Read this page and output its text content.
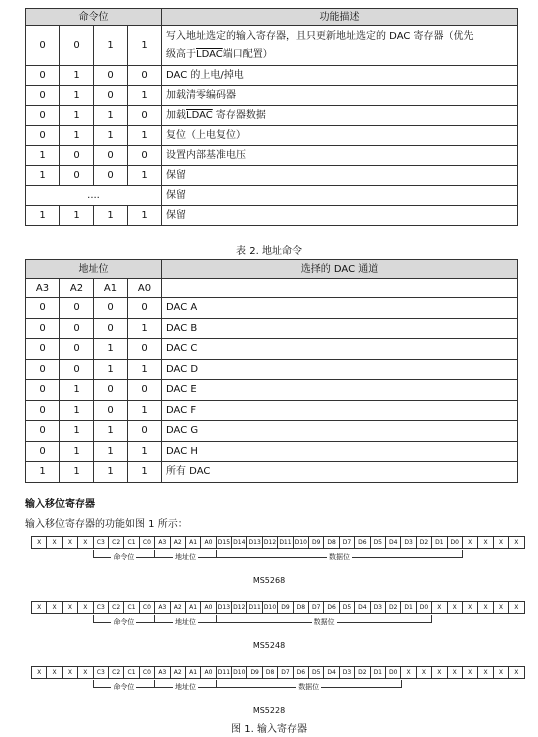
命令位				功能描述
0	0	1	1	写入地址选定的输入寄存器，且只更新地址选定的 DAC 寄存器（优先
级高于LDAC端口配置）
0	1	0	0	DAC 的上电/掉电
0	1	0	1	加载清零编码器
0	1	1	0	加载LDAC 寄存器数据
0	1	1	1	复位（上电复位）
1	0	0	0	设置内部基准电压
1	0	0	1	保留
....				保留
1	1	1	1	保留
表 2. 地址命令
地址位				选择的 DAC 通道
A3	A2	A1	A0	
0	0	0	0	DAC A
0	0	0	1	DAC B
0	0	1	0	DAC C
0	0	1	1	DAC D
0	1	0	0	DAC E
0	1	0	1	DAC F
0	1	1	0	DAC G
0	1	1	1	DAC H
1	1	1	1	所有 DAC
输入移位寄存器
输入移位寄存器的功能如图 1 所示：
X	X	X	X	C3	C2	C1	C0	A3	A2	A1	A0 D15 D14 D13 D12 D11 D10 D9	D8	D7	D6	D5	D4	D3	D2	D1	D0	X	X	X	X
命令位	地址位	数据位
MS5268
X	X	X	X	C3	C2	C1	C0	A3	A2	A1	A0 D13 D12 D11 D10 D9	D8	D7	D6	D5	D4	D3	D2	D1	D0	X	X	X	X	X	X
命令位	地址位	数据位
MS5248
X	X	X	X	C3	C2	C1	C0	A3	A2	A1	A0 D11 D10 D9	D8	D7	D6	D5	D4	D3	D2	D1	D0	X	X	X	X	X	X	X	X
命令位	地址位	数据位
MS5228
图 1. 输入寄存器
